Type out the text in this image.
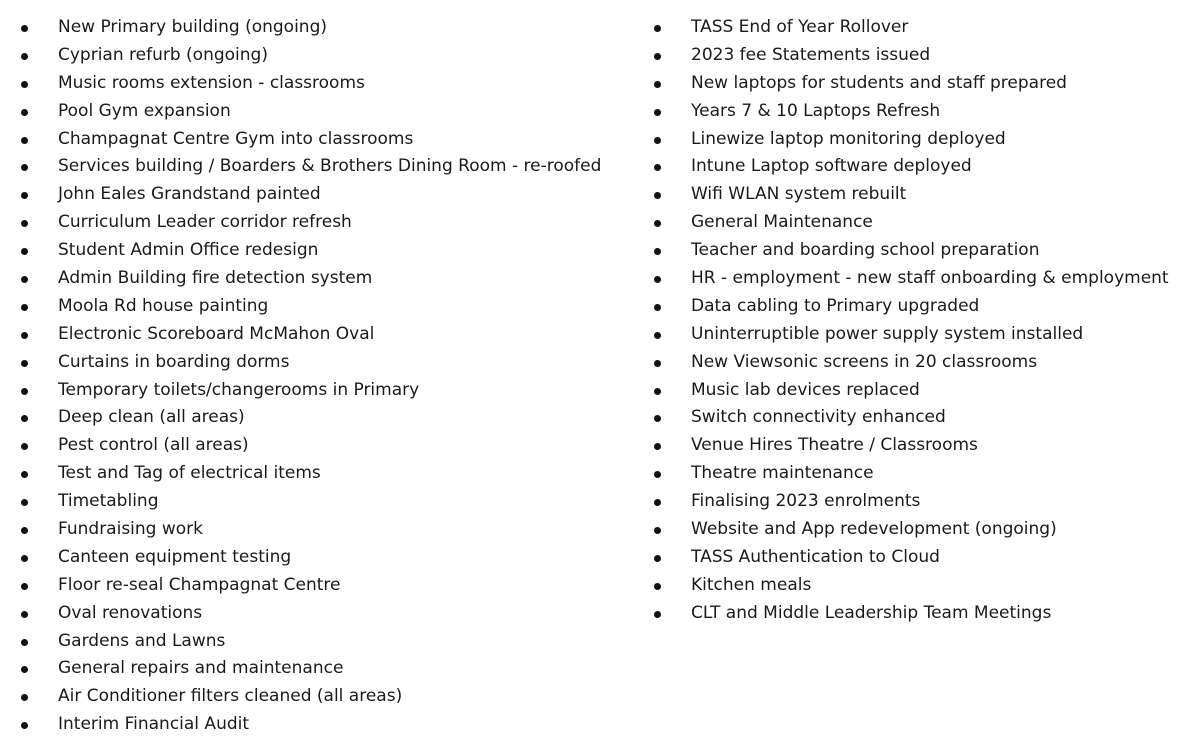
New Primary building (ongoing)
Cyprian refurb (ongoing)
Music rooms extension - classrooms
Pool Gym expansion
Champagnat Centre Gym into classrooms
Services building / Boarders & Brothers Dining Room - re-roofed
John Eales Grandstand painted
Curriculum Leader corridor refresh
Student Admin Office redesign
Admin Building fire detection system
Moola Rd house painting
Electronic Scoreboard McMahon Oval
Curtains in boarding dorms
Temporary toilets/changerooms in Primary
Deep clean (all areas)
Pest control (all areas)
Test and Tag of electrical items
Timetabling
Fundraising work
Canteen equipment testing
Floor re-seal Champagnat Centre
Oval renovations
Gardens and Lawns
General repairs and maintenance
Air Conditioner filters cleaned (all areas)
Interim Financial Audit
TASS End of Year Rollover
2023 fee Statements issued
New laptops for students and staff prepared
Years 7 & 10 Laptops Refresh
Linewize laptop monitoring deployed
Intune Laptop software deployed
Wifi WLAN system rebuilt
General Maintenance
Teacher and boarding school preparation
HR - employment - new staff onboarding & employment
Data cabling to Primary upgraded
Uninterruptible power supply system installed
New Viewsonic screens in 20 classrooms
Music lab devices replaced
Switch connectivity enhanced
Venue Hires Theatre / Classrooms
Theatre maintenance
Finalising 2023 enrolments
Website and App redevelopment (ongoing)
TASS Authentication to Cloud
Kitchen meals
CLT and Middle Leadership Team Meetings
